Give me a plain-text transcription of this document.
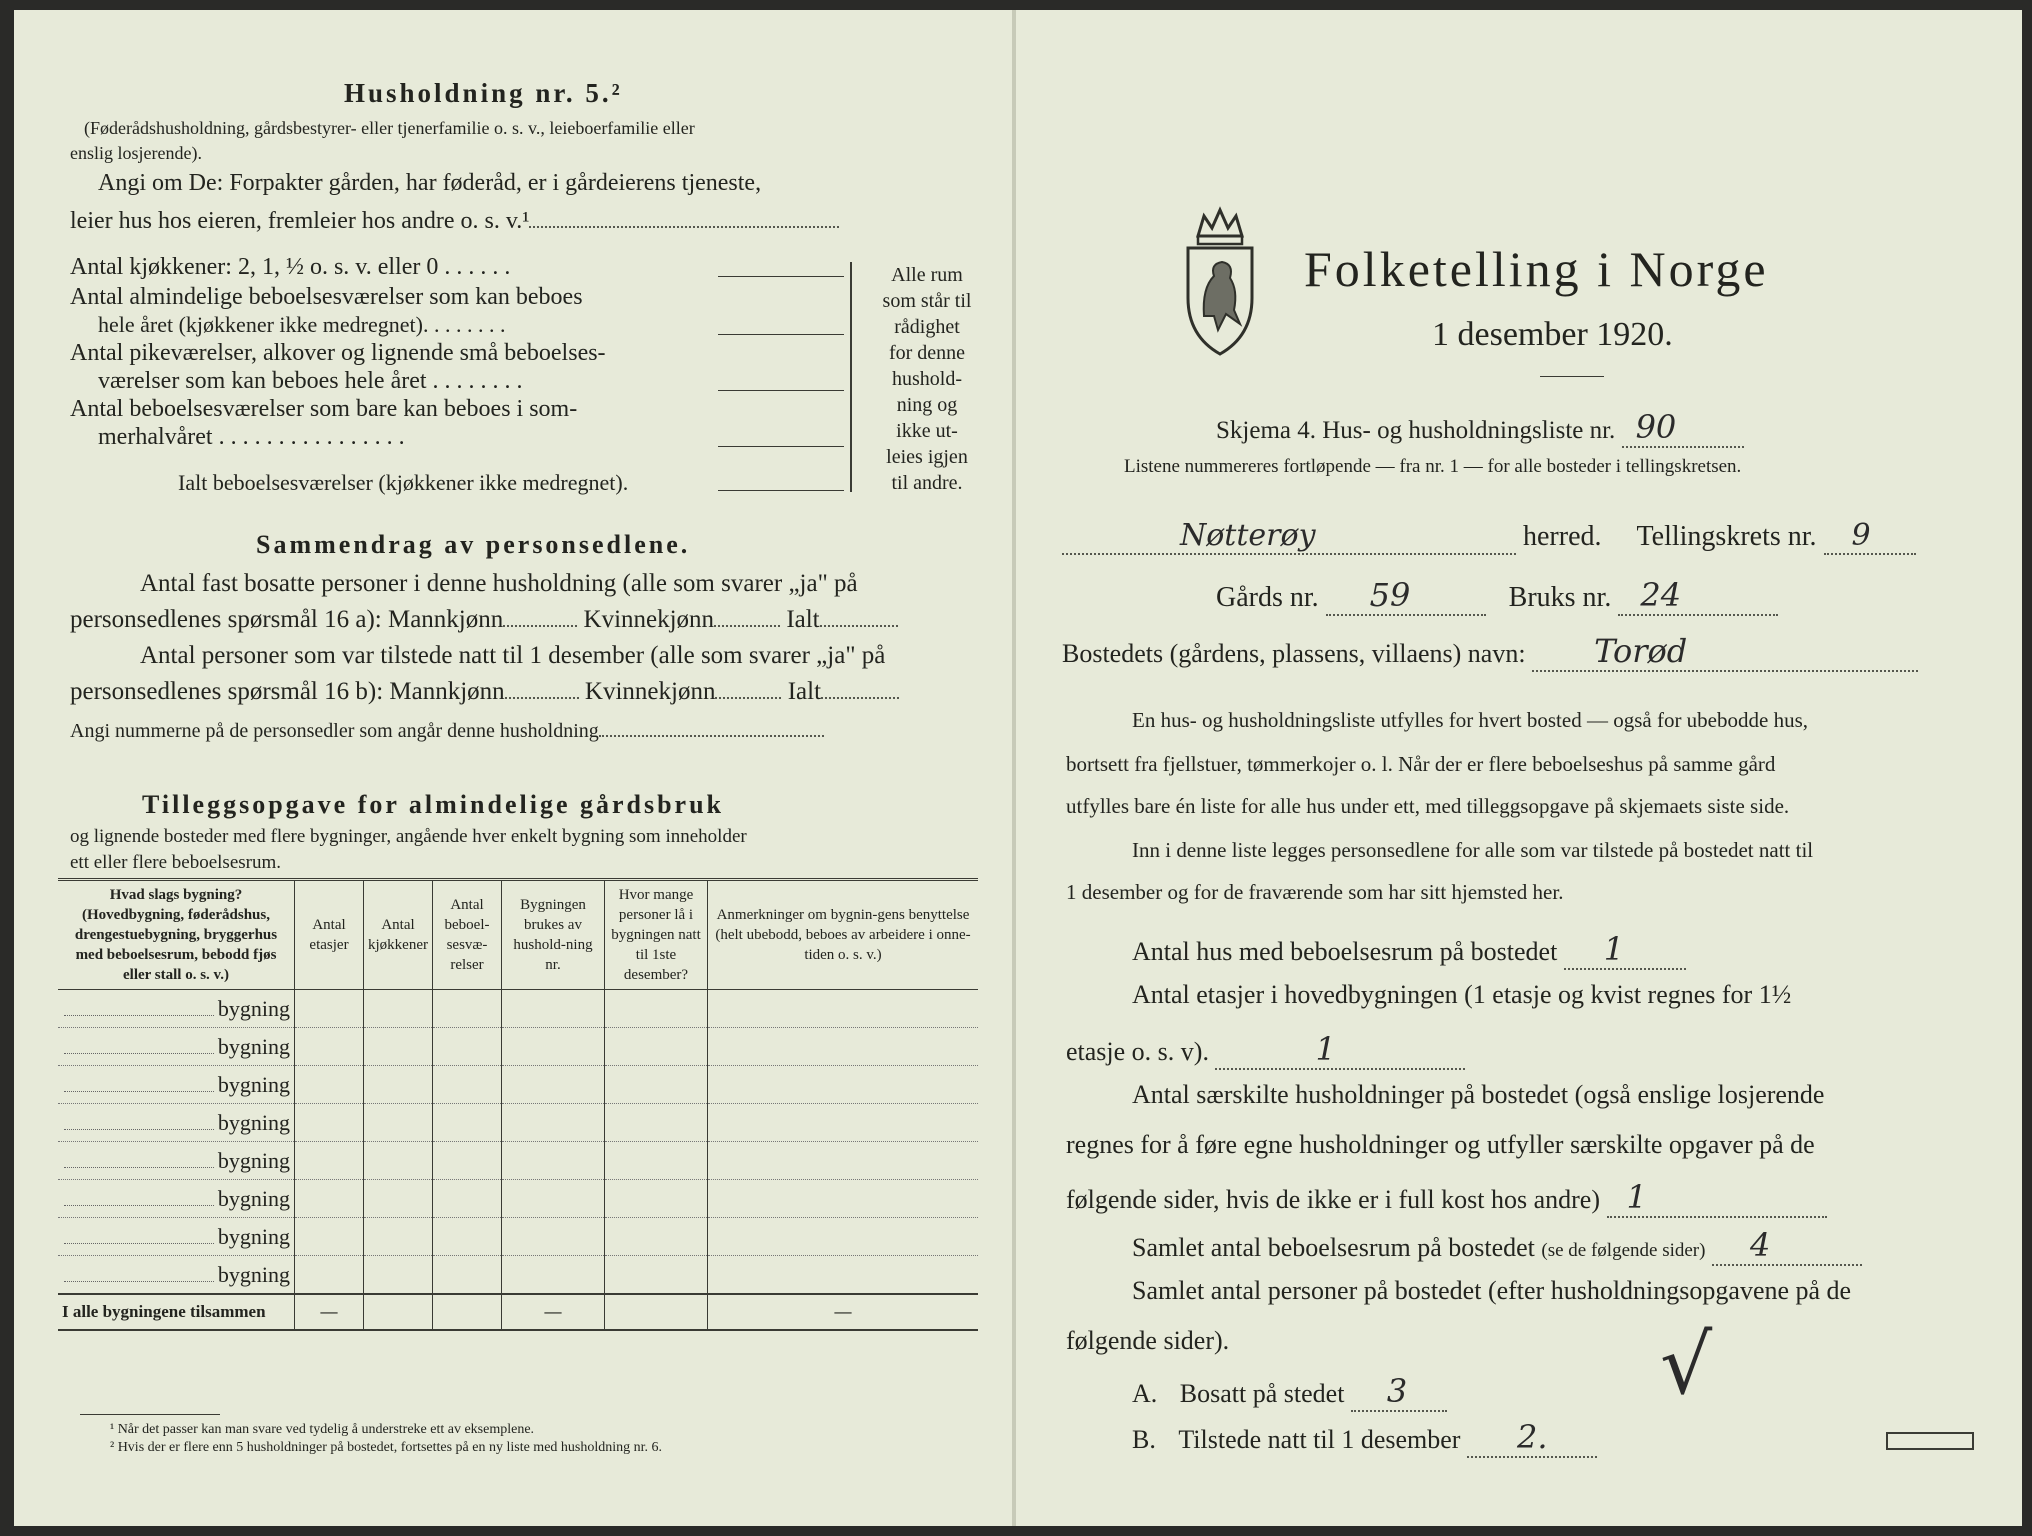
Husholdning nr. 5.²
(Føderådshusholdning, gårdsbestyrer- eller tjenerfamilie o. s. v., leieboerfamilie eller
enslig losjerende).
Angi om De: Forpakter gården, har føderåd, er i gårdeierens tjeneste,
leier hus hos eieren, fremleier hos andre o. s. v.¹
Antal kjøkkener: 2, 1, ½ o. s. v. eller 0 . . . . . .
Antal almindelige beboelsesværelser som kan beboes
hele året (kjøkkener ikke medregnet). . . . . . . .
Antal pikeværelser, alkover og lignende små beboelses-
værelser som kan beboes hele året . . . . . . . .
Antal beboelsesværelser som bare kan beboes i som-
merhalvåret . . . . . . . . . . . . . . . .
Ialt beboelsesværelser (kjøkkener ikke medregnet).
Alle rum
som står til
rådighet
for denne
hushold-
ning og
ikke ut-
leies igjen
til andre.
Sammendrag av personsedlene.
Antal fast bosatte personer i denne husholdning (alle som svarer „ja" på
personsedlenes spørsmål 16 a): Mannkjønn	Kvinnekjønn	Ialt
Antal personer som var tilstede natt til 1 desember (alle som svarer „ja" på
personsedlenes spørsmål 16 b): Mannkjønn	Kvinnekjønn	Ialt
Angi nummerne på de personsedler som angår denne husholdning
Tilleggsopgave for almindelige gårdsbruk
og lignende bosteder med flere bygninger, angående hver enkelt bygning som inneholder
ett eller flere beboelsesrum.
Hvad slags bygning? (Hovedbygning, føderådshus, drengestuebygning, bryggerhus med beboelsesrum, bebodd fjøs eller stall o. s. v.)	Antal etasjer	Antal kjøkkener	Antal beboel-sesvæ-relser	Bygningen brukes av hushold-ning nr.	Hvor mange personer lå i bygningen natt til 1ste desember?	Anmerkninger om bygnin-gens benyttelse (helt ubebodd, beboes av arbeidere i onne-tiden o. s. v.)
bygning						
bygning						
bygning						
bygning						
bygning						
bygning						
bygning						
bygning						
I alle bygningene tilsammen	—			—		—
¹ Når det passer kan man svare ved tydelig å understreke ett av eksemplene.
² Hvis der er flere enn 5 husholdninger på bostedet, fortsettes på en ny liste med husholdning nr. 6.
Folketelling i Norge
1 desember 1920.
Skjema 4. Hus- og husholdningsliste nr. 90
Listene nummereres fortløpende — fra nr. 1 — for alle bosteder i tellingskretsen.
Nøtterøy	herred. Tellingskrets nr. 9
Gårds nr. 59	Bruks nr. 24
Bostedets (gårdens, plassens, villaens) navn: Torød
En hus- og husholdningsliste utfylles for hvert bosted — også for ubebodde hus,
bortsett fra fjellstuer, tømmerkojer o. l. Når der er flere beboelseshus på samme gård
utfylles bare én liste for alle hus under ett, med tilleggsopgave på skjemaets siste side.
Inn i denne liste legges personsedlene for alle som var tilstede på bostedet natt til
1 desember og for de fraværende som har sitt hjemsted her.
Antal hus med beboelsesrum på bostedet 1
Antal etasjer i hovedbygningen (1 etasje og kvist regnes for 1½
etasje o. s. v).	1
Antal særskilte husholdninger på bostedet (også enslige losjerende
regnes for å føre egne husholdninger og utfyller særskilte opgaver på de
følgende sider, hvis de ikke er i full kost hos andre) 1
Samlet antal beboelsesrum på bostedet (se de følgende sider) 4
Samlet antal personer på bostedet (efter husholdningsopgavene på de
følgende sider).
A. Bosatt på stedet 3
B. Tilstede natt til 1 desember 2.
√
